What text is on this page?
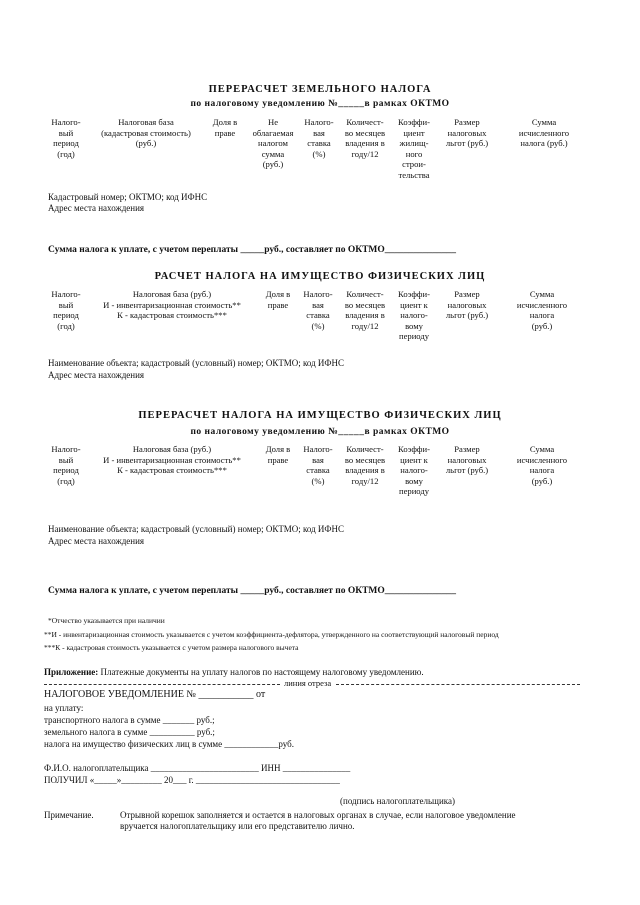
ПЕРЕРАСЧЕТ ЗЕМЕЛЬНОГО НАЛОГА
по налоговому уведомлению №_____в рамках ОКТМО
Налого-
вый
период
(год)
Налоговая база
(кадастровая стоимость)
(руб.)
Доля в
праве
Не
облагаемая
налогом
сумма
(руб.)
Налого-
вая
ставка
(%)
Количест-
во месяцев
владения в
году/12
Коэффи-
циент
жилищ-
ного
строи-
тельства
Размер
налоговых
льгот (руб.)
Сумма
исчисленного
налога (руб.)
Кадастровый номер; ОКТМО; код ИФНС
Адрес места нахождения
Сумма налога к уплате, с учетом переплаты _____руб., составляет по ОКТМО_______________
РАСЧЕТ НАЛОГА НА ИМУЩЕСТВО ФИЗИЧЕСКИХ ЛИЦ
Налого-
вый
период
(год)
Налоговая база (руб.)
И - инвентаризационная стоимость**
К - кадастровая стоимость***
Доля в
праве
Налого-
вая
ставка
(%)
Количест-
во месяцев
владения в
году/12
Коэффи-
циент к
налого-
вому
периоду
Размер
налоговых
льгот (руб.)
Сумма
исчисленного
налога
(руб.)
Наименование объекта; кадастровый (условный) номер; ОКТМО; код ИФНС
Адрес места нахождения
ПЕРЕРАСЧЕТ НАЛОГА НА ИМУЩЕСТВО ФИЗИЧЕСКИХ ЛИЦ
по налоговому уведомлению №_____в рамках ОКТМО
Налого-
вый
период
(год)
Налоговая база (руб.)
И - инвентаризационная стоимость**
К - кадастровая стоимость***
Доля в
праве
Налого-
вая
ставка
(%)
Количест-
во месяцев
владения в
году/12
Коэффи-
циент к
налого-
вому
периоду
Размер
налоговых
льгот (руб.)
Сумма
исчисленного
налога
(руб.)
Наименование объекта; кадастровый (условный) номер; ОКТМО; код ИФНС
Адрес места нахождения
Сумма налога к уплате, с учетом переплаты _____руб., составляет по ОКТМО_______________
*Отчество указывается при наличии
**И - инвентаризационная стоимость указывается с учетом коэффициента-дефлятора, утвержденного на соответствующий налоговый период
***К - кадастровая стоимость указывается с учетом размера налогового вычета
Приложение: Платежные документы на уплату налогов по настоящему налоговому уведомлению.
линия отреза
НАЛОГОВОЕ УВЕДОМЛЕНИЕ № ___________ от
на уплату:
транспортного налога в сумме _______ руб.;
земельного налога в сумме __________ руб.;
налога на имущество физических лиц в сумме ____________руб.
Ф.И.О. налогоплательщика ________________________ ИНН _______________
ПОЛУЧИЛ «_____»_________ 20___ г. ________________________________
(подпись налогоплательщика)
Примечание.	Отрывной корешок заполняется и остается в налоговых органах в случае, если налоговое уведомление
вручается налогоплательщику или его представителю лично.
